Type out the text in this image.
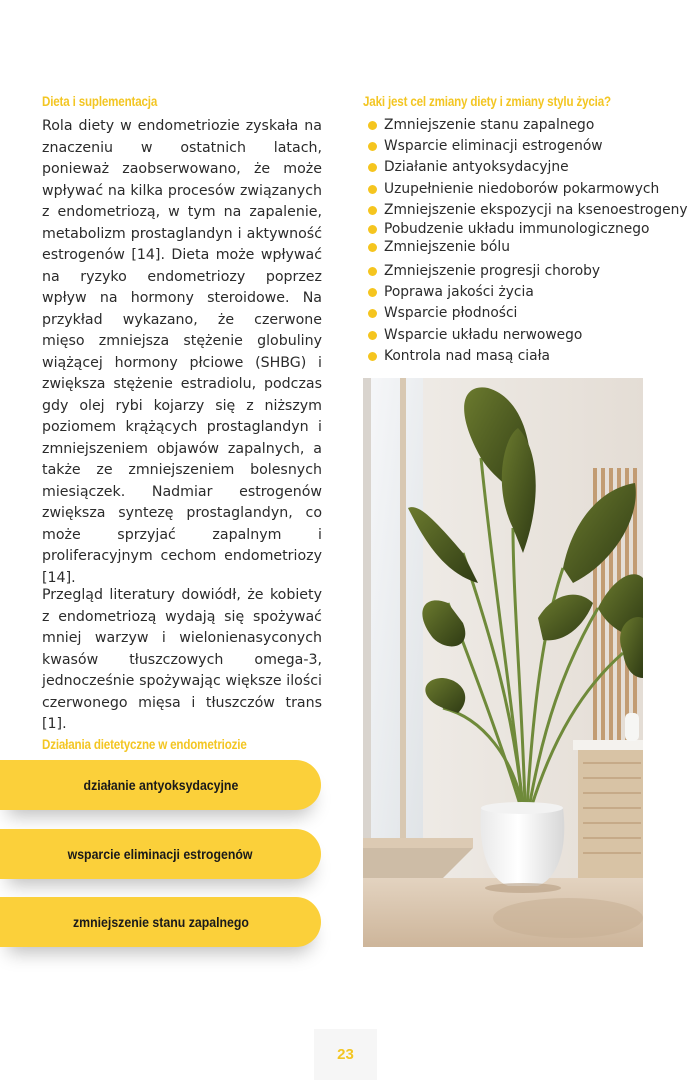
Dieta i suplementacja
Rola diety w endometriozie zyskała na znaczeniu w ostatnich latach, ponieważ zaobserwowano, że może wpływać na kilka procesów związanych z endometriozą, w tym na zapalenie, metabolizm prostaglandyn i aktywność estrogenów [14]. Dieta może wpływać na ryzyko endometriozy poprzez wpływ na hormony steroidowe. Na przykład wykazano, że czerwone mięso zmniejsza stężenie globuliny wiążącej hormony płciowe (SHBG) i zwiększa stężenie estradiolu, podczas gdy olej rybi kojarzy się z niższym poziomem krążących prostaglandyn i zmniejszeniem objawów zapalnych, a także ze zmniejszeniem bolesnych miesiączek. Nadmiar estrogenów zwiększa syntezę prostaglandyn, co może sprzyjać zapalnym i proliferacyjnym cechom endometriozy [14].
Przegląd literatury dowiódł, że kobiety z endometriozą wydają się spożywać mniej warzyw i wielonienasyconych kwasów tłuszczowych omega-3, jednocześnie spożywając większe ilości czerwonego mięsa i tłuszczów trans [1].
Działania dietetyczne w endometriozie
działanie antyoksydacyjne
wsparcie eliminacji estrogenów
zmniejszenie stanu zapalnego
Jaki jest cel zmiany diety i zmiany stylu życia?
Zmniejszenie stanu zapalnego
Wsparcie eliminacji estrogenów
Działanie antyoksydacyjne
Uzupełnienie niedoborów pokarmowych
Zmniejszenie ekspozycji na ksenoestrogeny
Pobudzenie układu immunologicznego
Zmniejszenie bólu
Zmniejszenie progresji choroby
Poprawa jakości życia
Wsparcie płodności
Wsparcie układu nerwowego
Kontrola nad masą ciała
23
